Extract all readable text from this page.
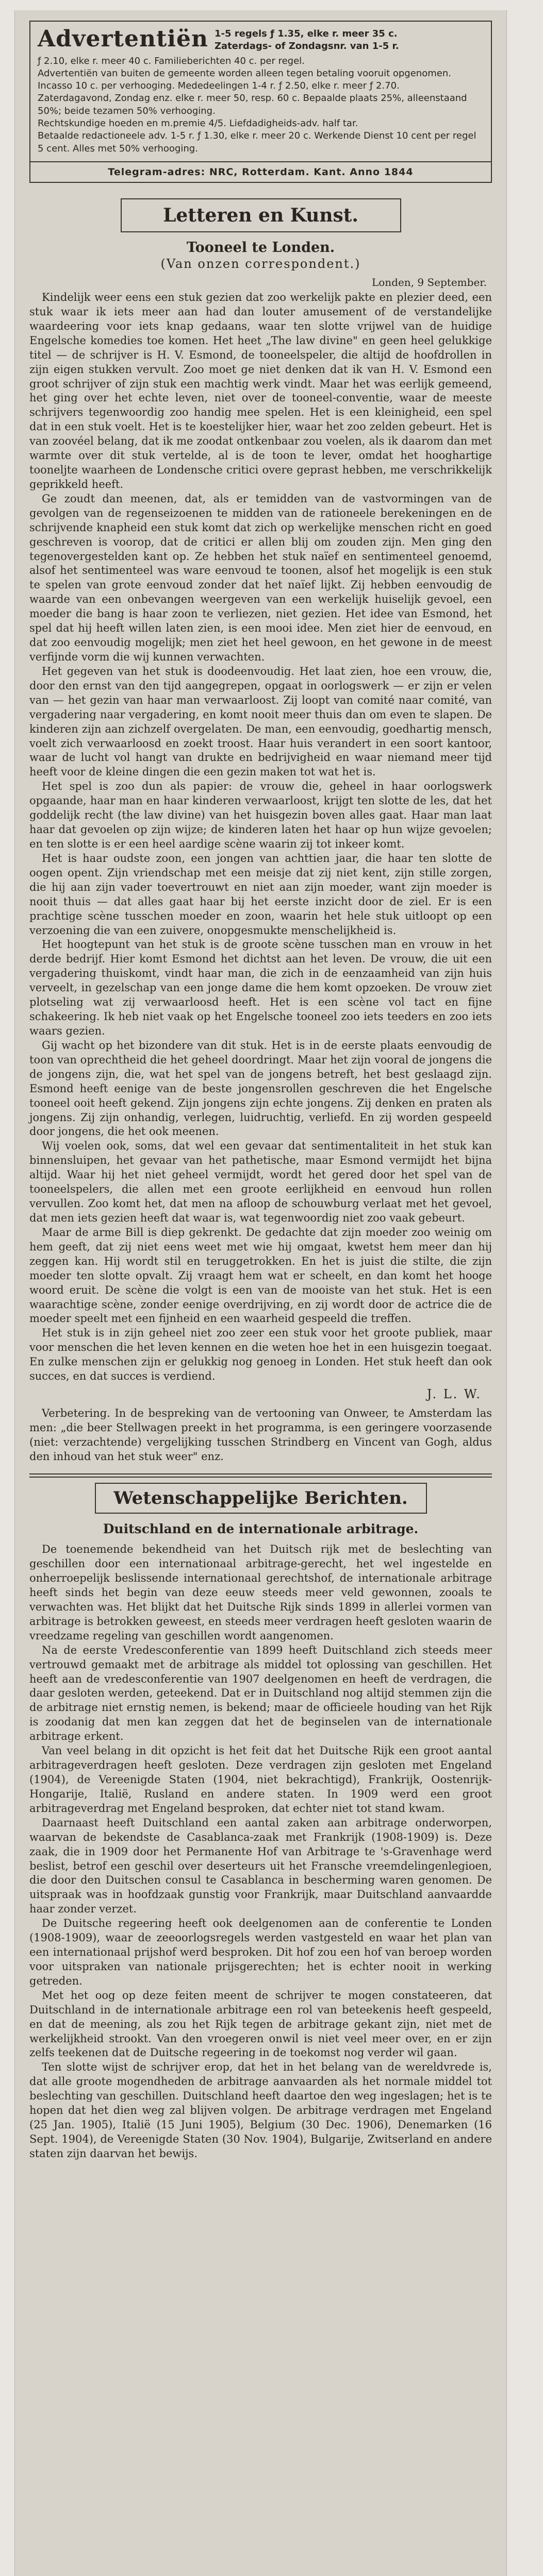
Advertentiën 1-5 regels ƒ 1.35, elke r. meer 35 c.
Zaterdags- of Zondagsnr. van 1-5 r.

ƒ 2.10, elke r. meer 40 c. Familieberichten 40 c. per regel.

Advertentiën van buiten de gemeente worden alleen tegen betaling vooruit opgenomen.

Incasso 10 c. per verhooging. Mededeelingen 1-4 r. ƒ 2.50, elke r. meer ƒ 2.70.

Zaterdagavond, Zondag enz. elke r. meer 50, resp. 60 c. Bepaalde plaats 25%, alleenstaand 50%; beide tezamen 50% verhooging.

Rechtskundige hoeden en m.premie 4/5. Liefdadigheids-adv. half tar.

Betaalde redactioneele adv. 1-5 r. ƒ 1.30, elke r. meer 20 c. Werkende Dienst 10 cent per regel 5 cent. Alles met 50% verhooging.

Telegram-adres: NRC, Rotterdam. Kant. Anno 1844
Letteren en Kunst.
Tooneel te Londen.
(Van onzen correspondent.)
Londen, 9 September.

Kindelijk weer eens een stuk gezien dat zoo werkelijk pakte en plezier deed, een stuk waar ik iets meer aan had dan louter amusement of de verstandelijke waardeering voor iets knap gedaans, waar ten slotte vrijwel van de huidige Engelsche komedies toe komen. Het heet „The law divine" en geen heel gelukkige titel — de schrijver is H. V. Esmond, de tooneelspeler, die altijd de hoofdrollen in zijn eigen stukken vervult. Zoo moet ge niet denken dat ik van H. V. Esmond een groot schrijver of zijn stuk een machtig werk vindt. Maar het was eerlijk gemeend, het ging over het echte leven, niet over de tooneel-conventie, waar de meeste schrijvers tegenwoordig zoo handig mee spelen. Het is een kleinigheid, een spel dat in een stuk voelt. Het is te koestelijker hier, waar het zoo zelden gebeurt. Het is van zoovéel belang, dat ik me zoodat ontkenbaar zou voelen, als ik daarom dan met warmte over dit stuk vertelde, al is de toon te lever, omdat het hooghartige tooneljte waarheen de Londensche critici overe geprast hebben, me verschrikkelijk geprikkeld heeft.

Ge zoudt dan meenen, dat, als er temidden van de vastvormingen van de gevolgen van de regenseizoenen te midden van de rationeele berekeningen en de schrijvende knapheid een stuk komt dat zich op werkelijke menschen richt en goed geschreven is voorop, dat de critici er allen blij om zouden zijn. Men ging den tegenovergestelden kant op. Ze hebben het stuk naïef en sentimenteel genoemd, alsof het sentimenteel was ware eenvoud te toonen, alsof het mogelijk is een stuk te spelen van grote eenvoud zonder dat het naïef lijkt. Zij hebben eenvoudig de waarde van een onbevangen weergeven van een werkelijk huiselijk gevoel, een moeder die bang is haar zoon te verliezen, niet gezien. Het idee van Esmond, het spel dat hij heeft willen laten zien, is een mooi idee. Men ziet hier de eenvoud, en dat zoo eenvoudig mogelijk; men ziet het heel gewoon, en het gewone in de meest verfijnde vorm die wij kunnen verwachten.

Het gegeven van het stuk is doodeenvoudig. Het laat zien, hoe een vrouw, die, door den ernst van den tijd aangegrepen, opgaat in oorlogswerk — er zijn er velen van — het gezin van haar man verwaarloost. Zij loopt van comité naar comité, van vergadering naar vergadering, en komt nooit meer thuis dan om even te slapen. De kinderen zijn aan zichzelf overgelaten. De man, een eenvoudig, goedhartig mensch, voelt zich verwaarloosd en zoekt troost. Haar huis verandert in een soort kantoor, waar de lucht vol hangt van drukte en bedrijvigheid en waar niemand meer tijd heeft voor de kleine dingen die een gezin maken tot wat het is.

Het spel is zoo dun als papier: de vrouw die, geheel in haar oorlogswerk opgaande, haar man en haar kinderen verwaarloost, krijgt ten slotte de les, dat het goddelijk recht (the law divine) van het huisgezin boven alles gaat. Haar man laat haar dat gevoelen op zijn wijze; de kinderen laten het haar op hun wijze gevoelen; en ten slotte is er een heel aardige scène waarin zij tot inkeer komt.

Het is haar oudste zoon, een jongen van achttien jaar, die haar ten slotte de oogen opent. Zijn vriendschap met een meisje dat zij niet kent, zijn stille zorgen, die hij aan zijn vader toevertrouwt en niet aan zijn moeder, want zijn moeder is nooit thuis — dat alles gaat haar bij het eerste inzicht door de ziel. Er is een prachtige scène tusschen moeder en zoon, waarin het hele stuk uitloopt op een verzoening die van een zuivere, onopgesmukte menschelijkheid is.

Het hoogtepunt van het stuk is de groote scène tusschen man en vrouw in het derde bedrijf. Hier komt Esmond het dichtst aan het leven. De vrouw, die uit een vergadering thuiskomt, vindt haar man, die zich in de eenzaamheid van zijn huis verveelt, in gezelschap van een jonge dame die hem komt opzoeken. De vrouw ziet plotseling wat zij verwaarloosd heeft. Het is een scène vol tact en fijne schakeering. Ik heb niet vaak op het Engelsche tooneel zoo iets teeders en zoo iets waars gezien.

Gij wacht op het bizondere van dit stuk. Het is in de eerste plaats eenvoudig de toon van oprechtheid die het geheel doordringt. Maar het zijn vooral de jongens die de jongens zijn, die, wat het spel van de jongens betreft, het best geslaagd zijn. Esmond heeft eenige van de beste jongensrollen geschreven die het Engelsche tooneel ooit heeft gekend. Zijn jongens zijn echte jongens. Zij denken en praten als jongens. Zij zijn onhandig, verlegen, luidruchtig, verliefd. En zij worden gespeeld door jongens, die het ook meenen.

Wij voelen ook, soms, dat wel een gevaar dat sentimentaliteit in het stuk kan binnensluipen, het gevaar van het pathetische, maar Esmond vermijdt het bijna altijd. Waar hij het niet geheel vermijdt, wordt het gered door het spel van de tooneelspelers, die allen met een groote eerlijkheid en eenvoud hun rollen vervullen. Zoo komt het, dat men na afloop de schouwburg verlaat met het gevoel, dat men iets gezien heeft dat waar is, wat tegenwoordig niet zoo vaak gebeurt.

Maar de arme Bill is diep gekrenkt. De gedachte dat zijn moeder zoo weinig om hem geeft, dat zij niet eens weet met wie hij omgaat, kwetst hem meer dan hij zeggen kan. Hij wordt stil en teruggetrokken. En het is juist die stilte, die zijn moeder ten slotte opvalt. Zij vraagt hem wat er scheelt, en dan komt het hooge woord eruit. De scène die volgt is een van de mooiste van het stuk. Het is een waarachtige scène, zonder eenige overdrijving, en zij wordt door de actrice die de moeder speelt met een fijnheid en een waarheid gespeeld die treffen.

Het stuk is in zijn geheel niet zoo zeer een stuk voor het groote publiek, maar voor menschen die het leven kennen en die weten hoe het in een huisgezin toegaat. En zulke menschen zijn er gelukkig nog genoeg in Londen. Het stuk heeft dan ook succes, en dat succes is verdiend.

J. L. W.
Verbetering. In de bespreking van de vertooning van Onweer, te Amsterdam las men: „die beer Stellwagen preekt in het programma, is een geringere voorzasende (niet: verzachtende) vergelijking tusschen Strindberg en Vincent van Gogh, aldus den inhoud van het stuk weer" enz.
Wetenschappelijke Berichten.
Duitschland en de internationale arbitrage.

De toenemende bekendheid van het Duitsch rijk met de beslechting van geschillen door een internationaal arbitrage-gerecht, het wel ingestelde en onherroepelijk beslissende internationaal gerechtshof, de internationale arbitrage heeft sinds het begin van deze eeuw steeds meer veld gewonnen, zooals te verwachten was. Het blijkt dat het Duitsche Rijk sinds 1899 in allerlei vormen van arbitrage is betrokken geweest, en steeds meer verdragen heeft gesloten waarin de vreedzame regeling van geschillen wordt aangenomen.

Na de eerste Vredesconferentie van 1899 heeft Duitschland zich steeds meer vertrouwd gemaakt met de arbitrage als middel tot oplossing van geschillen. Het heeft aan de vredesconferentie van 1907 deelgenomen en heeft de verdragen, die daar gesloten werden, geteekend. Dat er in Duitschland nog altijd stemmen zijn die de arbitrage niet ernstig nemen, is bekend; maar de officieele houding van het Rijk is zoodanig dat men kan zeggen dat het de beginselen van de internationale arbitrage erkent.

Van veel belang in dit opzicht is het feit dat het Duitsche Rijk een groot aantal arbitrageverdragen heeft gesloten. Deze verdragen zijn gesloten met Engeland (1904), de Vereenigde Staten (1904, niet bekrachtigd), Frankrijk, Oostenrijk-Hongarije, Italië, Rusland en andere staten. In 1909 werd een groot arbitrageverdrag met Engeland besproken, dat echter niet tot stand kwam.

Daarnaast heeft Duitschland een aantal zaken aan arbitrage onderworpen, waarvan de bekendste de Casablanca-zaak met Frankrijk (1908-1909) is. Deze zaak, die in 1909 door het Permanente Hof van Arbitrage te 's-Gravenhage werd beslist, betrof een geschil over deserteurs uit het Fransche vreemdelingenlegioen, die door den Duitschen consul te Casablanca in bescherming waren genomen. De uitspraak was in hoofdzaak gunstig voor Frankrijk, maar Duitschland aanvaardde haar zonder verzet.

De Duitsche regeering heeft ook deelgenomen aan de conferentie te Londen (1908-1909), waar de zeeoorlogsregels werden vastgesteld en waar het plan van een internationaal prijshof werd besproken. Dit hof zou een hof van beroep worden voor uitspraken van nationale prijsgerechten; het is echter nooit in werking getreden.

Met het oog op deze feiten meent de schrijver te mogen constateeren, dat Duitschland in de internationale arbitrage een rol van beteekenis heeft gespeeld, en dat de meening, als zou het Rijk tegen de arbitrage gekant zijn, niet met de werkelijkheid strookt. Van den vroegeren onwil is niet veel meer over, en er zijn zelfs teekenen dat de Duitsche regeering in de toekomst nog verder wil gaan.

Ten slotte wijst de schrijver erop, dat het in het belang van de wereldvrede is, dat alle groote mogendheden de arbitrage aanvaarden als het normale middel tot beslechting van geschillen. Duitschland heeft daartoe den weg ingeslagen; het is te hopen dat het dien weg zal blijven volgen. De arbitrage verdragen met Engeland (25 Jan. 1905), Italië (15 Juni 1905), Belgium (30 Dec. 1906), Denemarken (16 Sept. 1904), de Vereenigde Staten (30 Nov. 1904), Bulgarije, Zwitserland en andere staten zijn daarvan het bewijs.
